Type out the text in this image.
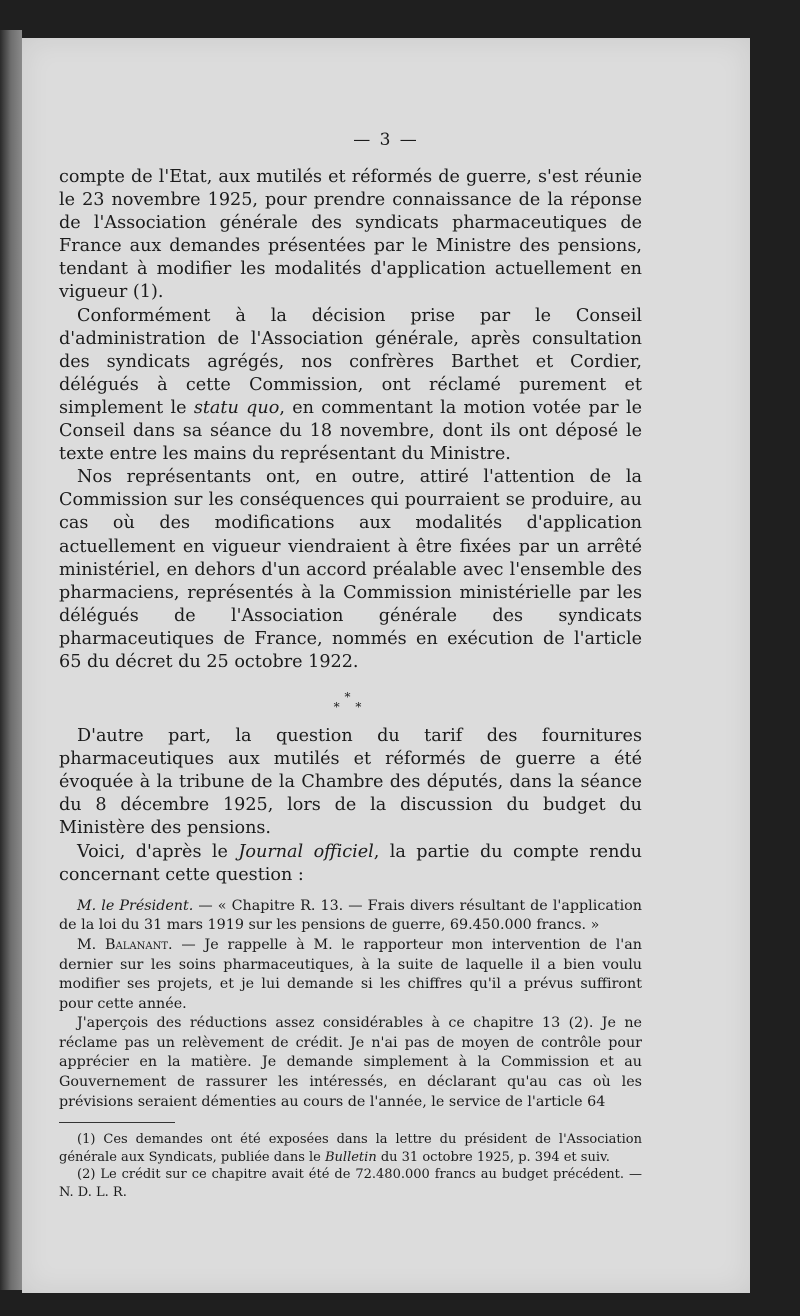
— 3 —

compte de l'Etat, aux mutilés et réformés de guerre, s'est réunie le 23 novembre 1925, pour prendre connaissance de la réponse de l'Association générale des syndicats pharmaceutiques de France aux demandes présentées par le Ministre des pensions, tendant à modifier les modalités d'application actuellement en vigueur (1).

Conformément à la décision prise par le Conseil d'administration de l'Association générale, après consultation des syndicats agrégés, nos confrères Barthet et Cordier, délégués à cette Commission, ont réclamé purement et simplement le statu quo, en commentant la motion votée par le Conseil dans sa séance du 18 novembre, dont ils ont déposé le texte entre les mains du représentant du Ministre.

Nos représentants ont, en outre, attiré l'attention de la Commission sur les conséquences qui pourraient se produire, au cas où des modifications aux modalités d'application actuellement en vigueur viendraient à être fixées par un arrêté ministériel, en dehors d'un accord préalable avec l'ensemble des pharmaciens, représentés à la Commission ministérielle par les délégués de l'Association générale des syndicats pharmaceutiques de France, nommés en exécution de l'article 65 du décret du 25 octobre 1922.

*
* *

D'autre part, la question du tarif des fournitures pharmaceutiques aux mutilés et réformés de guerre a été évoquée à la tribune de la Chambre des députés, dans la séance du 8 décembre 1925, lors de la discussion du budget du Ministère des pensions.

Voici, d'après le Journal officiel, la partie du compte rendu concernant cette question :

M. le Président. — « Chapitre R. 13. — Frais divers résultant de l'application de la loi du 31 mars 1919 sur les pensions de guerre, 69.450.000 francs. »

M. Balanant. — Je rappelle à M. le rapporteur mon intervention de l'an dernier sur les soins pharmaceutiques, à la suite de laquelle il a bien voulu modifier ses projets, et je lui demande si les chiffres qu'il a prévus suffiront pour cette année.

J'aperçois des réductions assez considérables à ce chapitre 13 (2). Je ne réclame pas un relèvement de crédit. Je n'ai pas de moyen de contrôle pour apprécier en la matière. Je demande simplement à la Commission et au Gouvernement de rassurer les intéressés, en déclarant qu'au cas où les prévisions seraient démenties au cours de l'année, le service de l'article 64

(1) Ces demandes ont été exposées dans la lettre du président de l'Association générale aux Syndicats, publiée dans le Bulletin du 31 octobre 1925, p. 394 et suiv.

(2) Le crédit sur ce chapitre avait été de 72.480.000 francs au budget précédent. — N. D. L. R.
